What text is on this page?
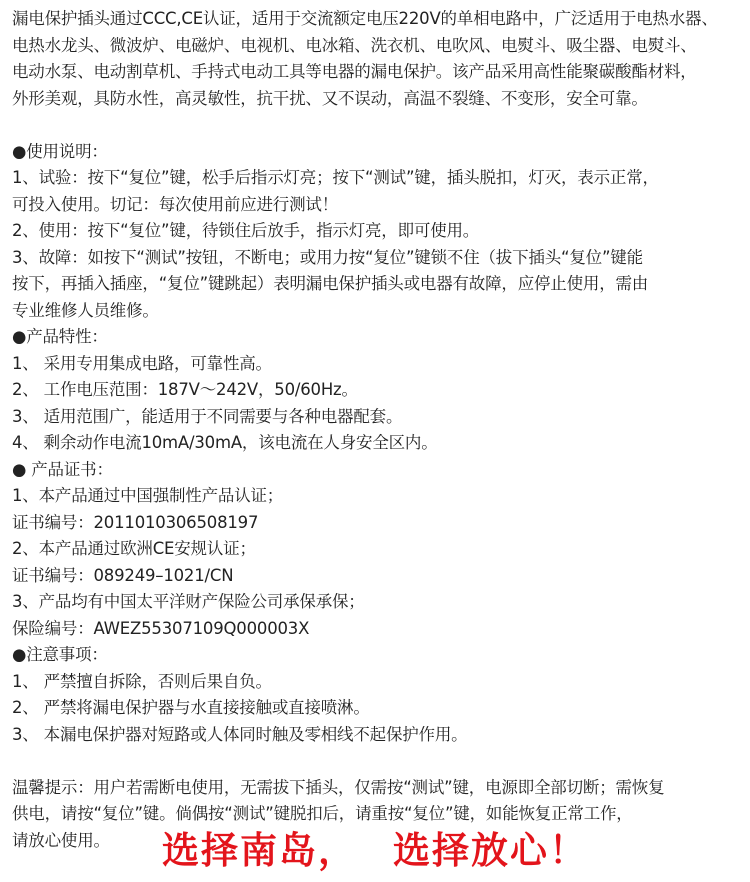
漏电保护插头通过CCC,CE认证，适用于交流额定电压220V的单相电路中，广泛适用于电热水器、
电热水龙头、微波炉、电磁炉、电视机、电冰箱、洗衣机、电吹风、电熨斗、吸尘器、电熨斗、
电动水泵、电动割草机、手持式电动工具等电器的漏电保护。该产品采用高性能聚碳酸酯材料，
外形美观，具防水性，高灵敏性，抗干扰、又不误动，高温不裂缝、不变形，安全可靠。
●使用说明：
1、试验：按下“复位”键，松手后指示灯亮；按下“测试”键，插头脱扣，灯灭，表示正常，
可投入使用。切记：每次使用前应进行测试！
2、使用：按下“复位”键，待锁住后放手，指示灯亮，即可使用。
3、故障：如按下“测试”按钮，不断电；或用力按“复位”键锁不住（拔下插头“复位”键能
按下，再插入插座，“复位”键跳起）表明漏电保护插头或电器有故障，应停止使用，需由
专业维修人员维修。
●产品特性：
1、 采用专用集成电路，可靠性高。
2、 工作电压范围：187V～242V，50/60Hz。
3、 适用范围广，能适用于不同需要与各种电器配套。
4、 剩余动作电流10mA/30mA，该电流在人身安全区内。
● 产品证书：
1、本产品通过中国强制性产品认证；
证书编号：2011010306508197
2、本产品通过欧洲CE安规认证；
证书编号：089249–1021/CN
3、产品均有中国太平洋财产保险公司承保承保；
保险编号：AWEZ55307109Q000003X
●注意事项：
1、 严禁擅自拆除，否则后果自负。
2、 严禁将漏电保护器与水直接接触或直接喷淋。
3、 本漏电保护器对短路或人体同时触及零相线不起保护作用。
温馨提示：用户若需断电使用，无需拔下插头，仅需按“测试”键，电源即全部切断；需恢复
供电，请按“复位”键。倘偶按“测试”键脱扣后，请重按“复位”键，如能恢复正常工作，
请放心使用。	选择南岛， 选择放心！
